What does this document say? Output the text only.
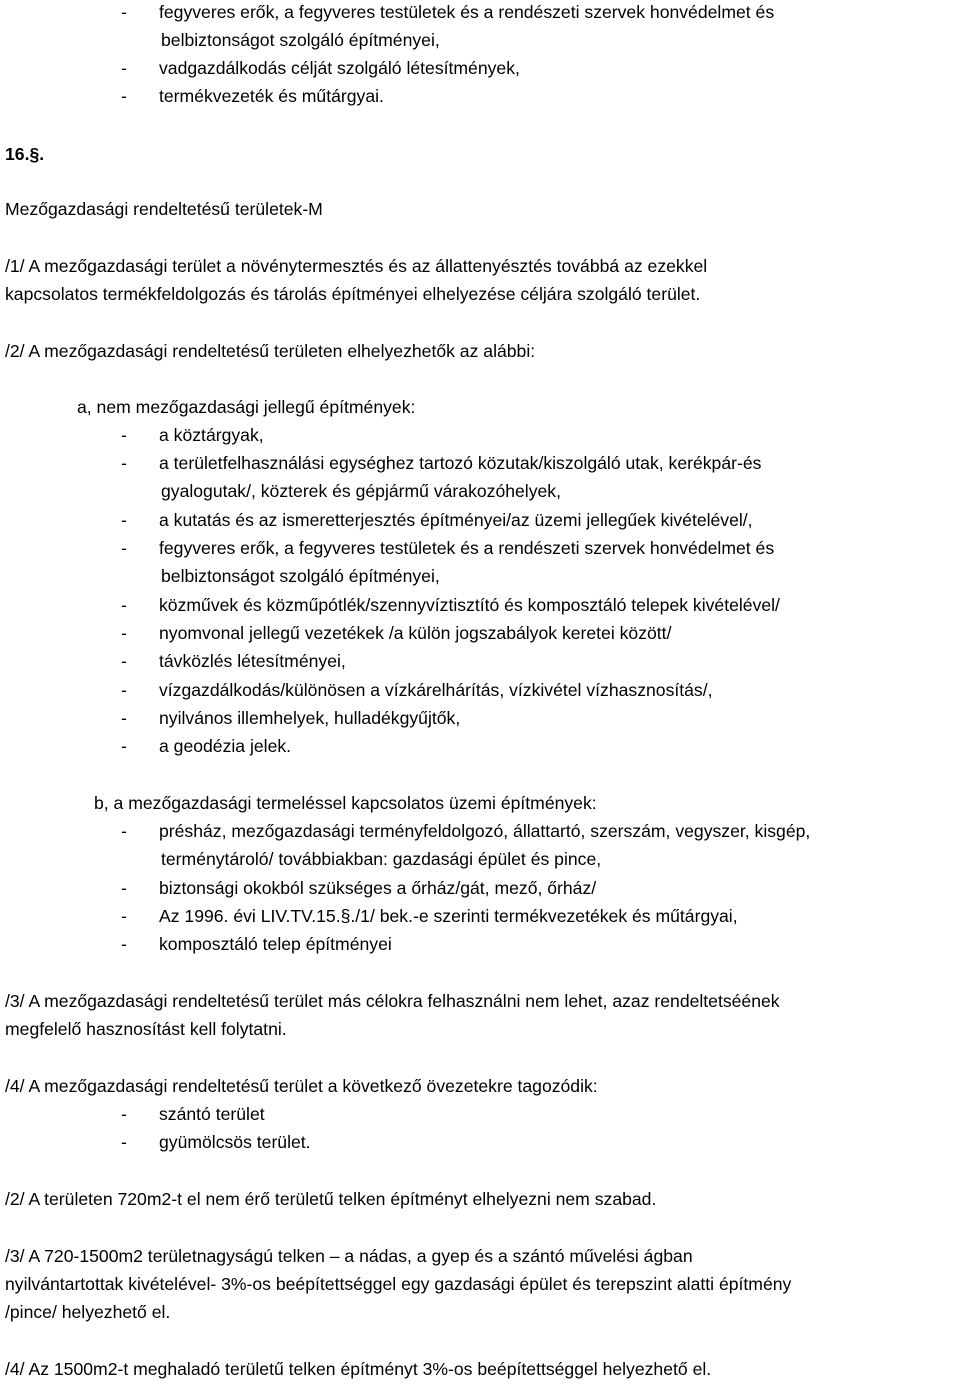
- fegyveres erők, a fegyveres testületek és a rendészeti szervek honvédelmet és
belbiztonságot szolgáló építményei,
- vadgazdálkodás célját szolgáló létesítmények,
- termékvezeték és műtárgyai.
16.§.
Mezőgazdasági rendeltetésű területek-M
/1/ A mezőgazdasági terület a növénytermesztés és az állattenyésztés továbbá az ezekkel
kapcsolatos termékfeldolgozás és tárolás építményei elhelyezése céljára szolgáló terület.
/2/ A mezőgazdasági rendeltetésű területen elhelyezhetők az alábbi:
a, nem mezőgazdasági jellegű építmények:
- a köztárgyak,
- a területfelhasználási egységhez tartozó közutak/kiszolgáló utak, kerékpár-és
gyalogutak/, közterek és gépjármű várakozóhelyek,
- a kutatás és az ismeretterjesztés építményei/az üzemi jellegűek kivételével/,
- fegyveres erők, a fegyveres testületek és a rendészeti szervek honvédelmet és
belbiztonságot szolgáló építményei,
- közművek és közműpótlék/szennyvíztisztító és komposztáló telepek kivételével/
- nyomvonal jellegű vezetékek /a külön jogszabályok keretei között/
- távközlés létesítményei,
- vízgazdálkodás/különösen a vízkárelhárítás, vízkivétel vízhasznosítás/,
- nyilvános illemhelyek, hulladékgyűjtők,
- a geodézia jelek.
b, a mezőgazdasági termeléssel kapcsolatos üzemi építmények:
- présház, mezőgazdasági terményfeldolgozó, állattartó, szerszám, vegyszer, kisgép,
terménytároló/ továbbiakban: gazdasági épület és pince,
- biztonsági okokból szükséges a őrház/gát, mező, őrház/
- Az 1996. évi LIV.TV.15.§./1/ bek.-e szerinti termékvezetékek és műtárgyai,
- komposztáló telep építményei
/3/ A mezőgazdasági rendeltetésű terület más célokra felhasználni nem lehet, azaz rendeltetséének
megfelelő hasznosítást kell folytatni.
/4/ A mezőgazdasági rendeltetésű terület a következő övezetekre tagozódik:
- szántó terület
- gyümölcsös terület.
/2/ A területen 720m2-t el nem érő területű telken építményt elhelyezni nem szabad.
/3/ A 720-1500m2 területnagyságú telken – a nádas, a gyep és a szántó művelési ágban
nyilvántartottak kivételével- 3%-os beépítettséggel egy gazdasági épület és terepszint alatti építmény
/pince/ helyezhető el.
/4/ Az 1500m2-t meghaladó területű telken építményt 3%-os beépítettséggel helyezhető el.
